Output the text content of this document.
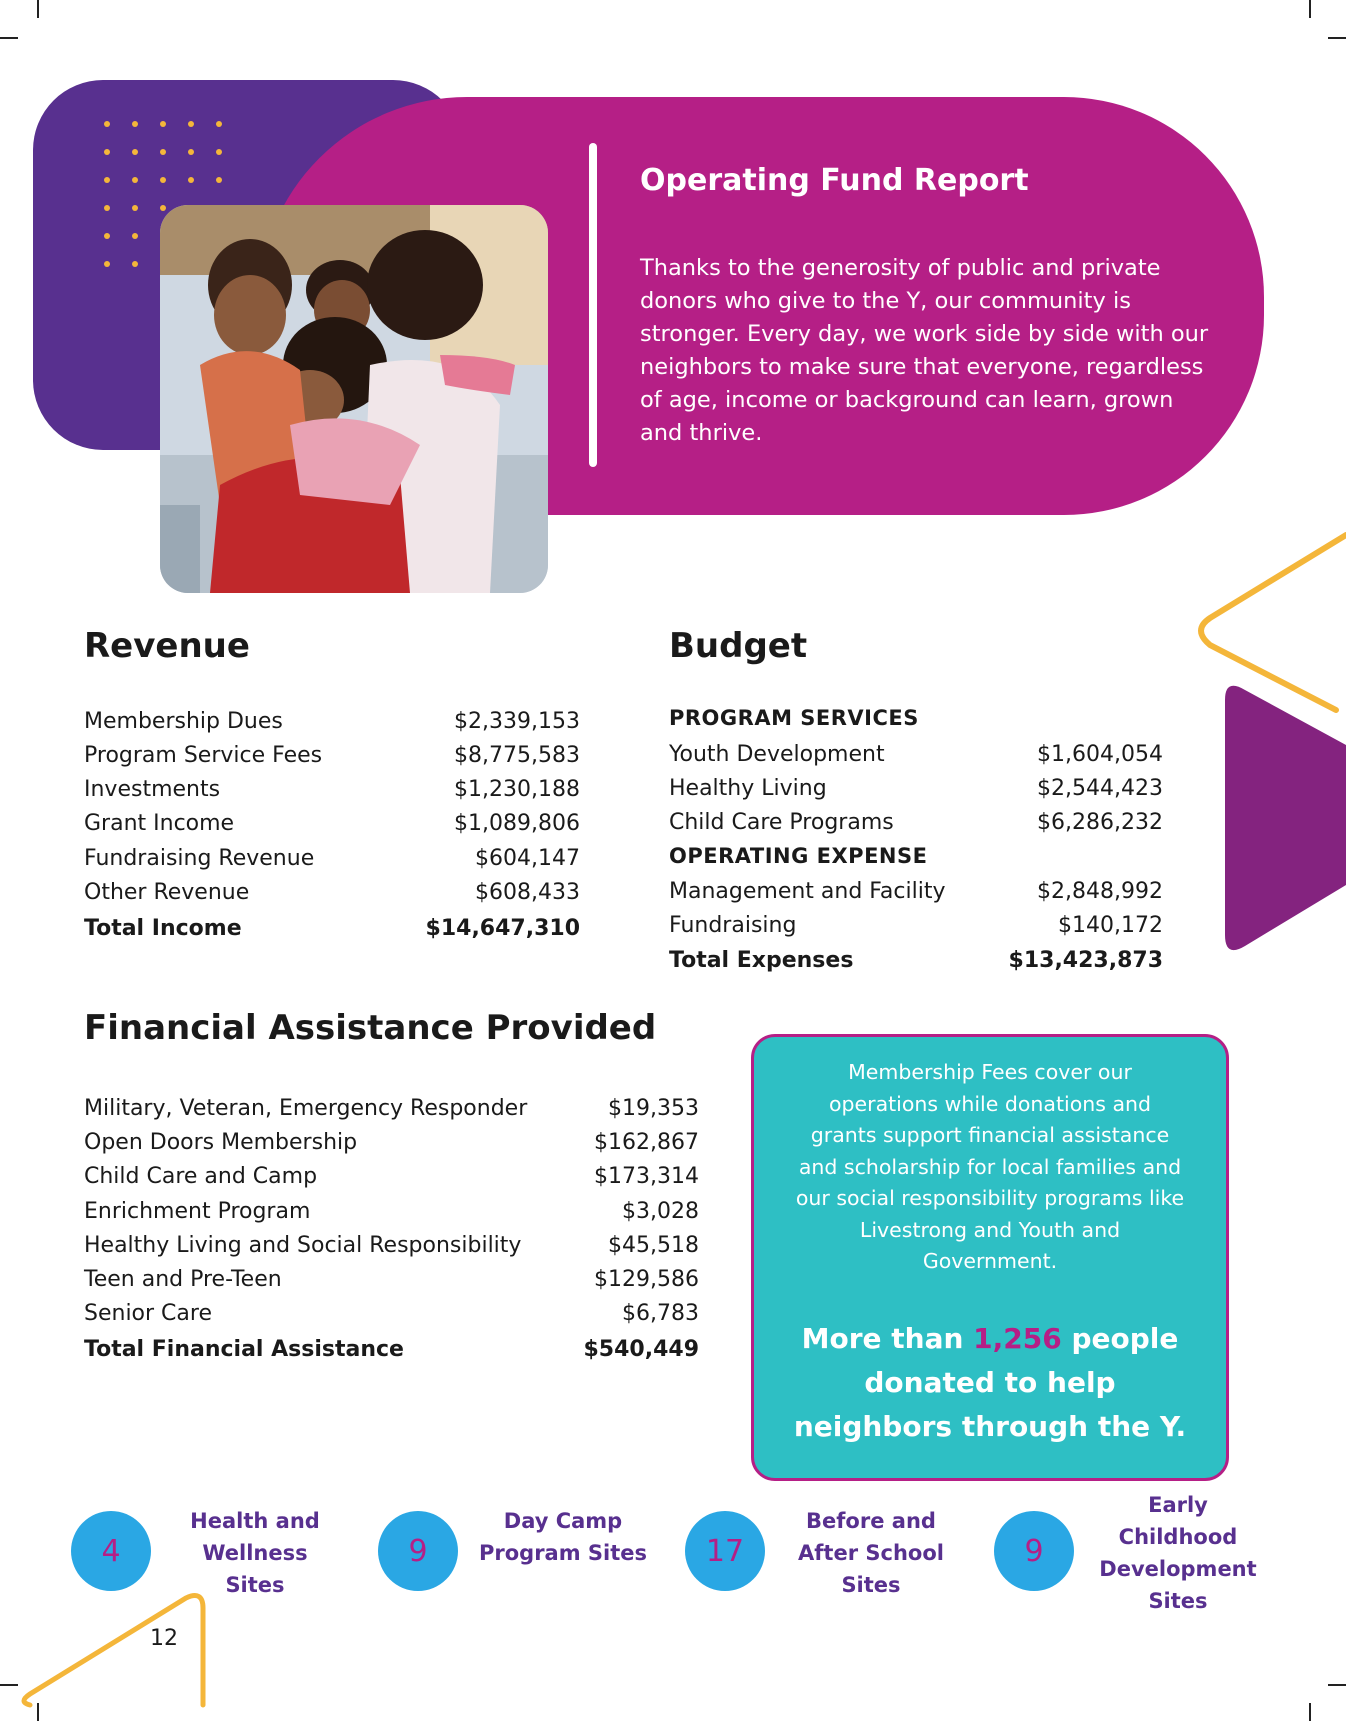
Operating Fund Report

Thanks to the generosity of public and private donors who give to the Y, our community is stronger. Every day, we work side by side with our neighbors to make sure that everyone, regardless of age, income or background can learn, grown and thrive.

Revenue
Membership Dues	$2,339,153
Program Service Fees	$8,775,583
Investments	$1,230,188
Grant Income	$1,089,806
Fundraising Revenue	$604,147
Other Revenue	$608,433
Total Income	$14,647,310
Budget
PROGRAM SERVICES
Youth Development	$1,604,054
Healthy Living	$2,544,423
Child Care Programs	$6,286,232
OPERATING EXPENSE
Management and Facility	$2,848,992
Fundraising	$140,172
Total Expenses	$13,423,873
Financial Assistance Provided
Military, Veteran, Emergency Responder	$19,353
Open Doors Membership	$162,867
Child Care and Camp	$173,314
Enrichment Program	$3,028
Healthy Living and Social Responsibility	$45,518
Teen and Pre-Teen	$129,586
Senior Care	$6,783
Total Financial Assistance	$540,449

Membership Fees cover our operations while donations and grants support financial assistance and scholarship for local families and our social responsibility programs like Livestrong and Youth and Government.

More than 1,256 people donated to help neighbors through the Y.

4
Health and Wellness Sites
9
Day Camp Program Sites	17
Before and After School Sites
9
Early Childhood Development Sites
12
